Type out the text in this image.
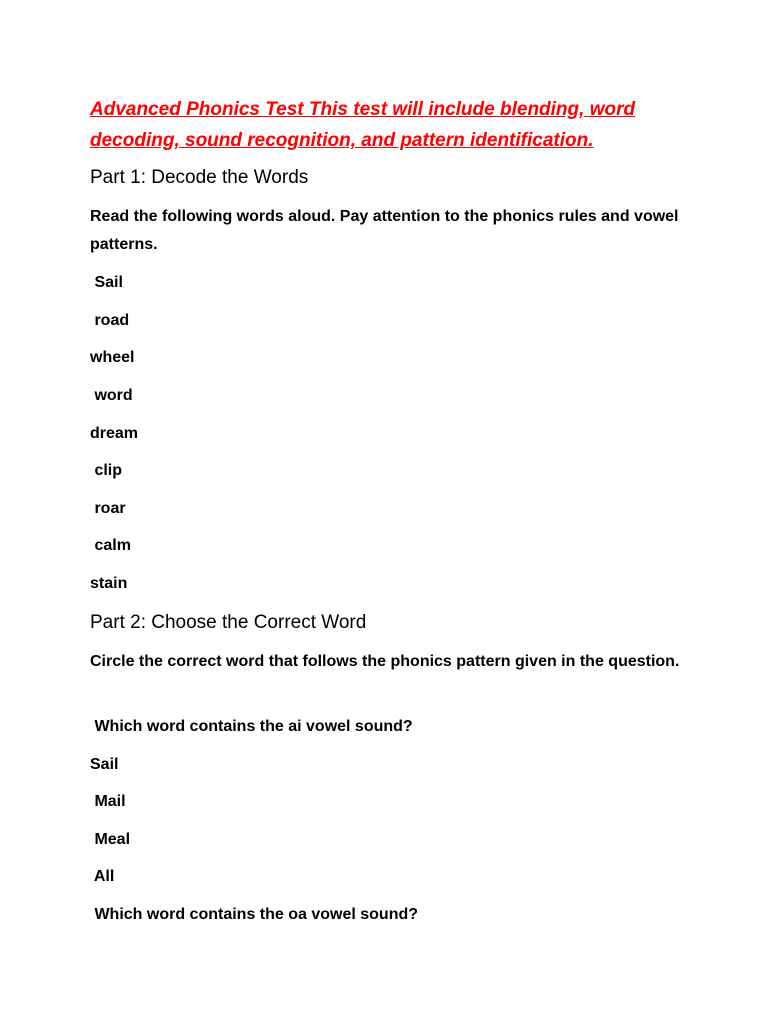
Advanced Phonics Test This test will include blending, word decoding, sound recognition, and pattern identification.

Part 1: Decode the Words

Read the following words aloud. Pay attention to the phonics rules and vowel patterns.

Sail

road

wheel

word

dream

clip

roar

calm

stain

Part 2: Choose the Correct Word

Circle the correct word that follows the phonics pattern given in the question.

Which word contains the ai vowel sound?

Sail

Mail

Meal

All

Which word contains the oa vowel sound?
